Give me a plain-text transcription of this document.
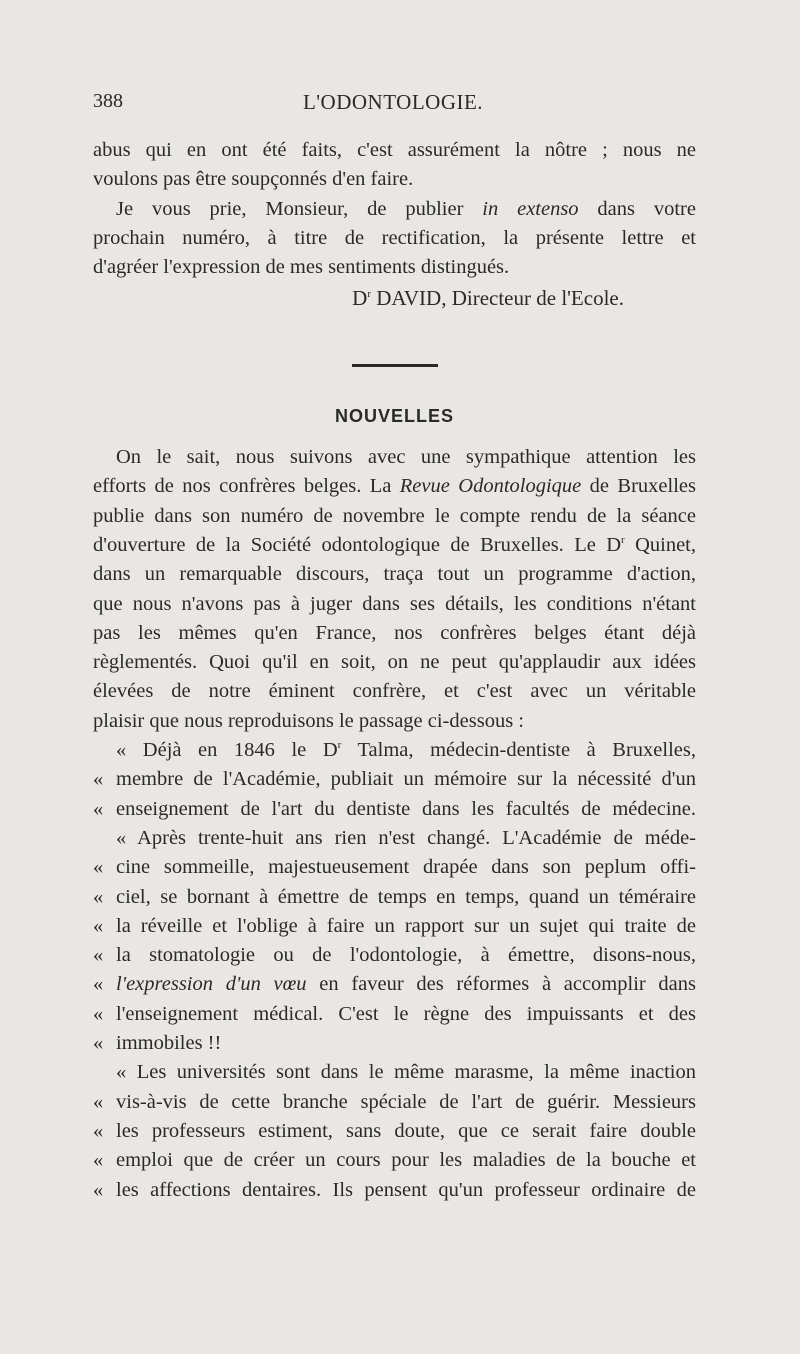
388	L'ODONTOLOGIE.
abus qui en ont été faits, c'est assurément la nôtre ; nous ne
voulons pas être soupçonnés d'en faire.
Je vous prie, Monsieur, de publier in extenso dans votre
prochain numéro, à titre de rectification, la présente lettre et
d'agréer l'expression de mes sentiments distingués.
$D^r$ DAVID, Directeur de l'Ecole.
NOUVELLES
On le sait, nous suivons avec une sympathique attention les
efforts de nos confrères belges. La Revue Odontologique de Bruxelles
publie dans son numéro de novembre le compte rendu de la séance
d'ouverture de la Société odontologique de Bruxelles. Le $D^r$ Quinet,
dans un remarquable discours, traça tout un programme d'action,
que nous n'avons pas à juger dans ses détails, les conditions n'étant
pas les mêmes qu'en France, nos confrères belges étant déjà
règlementés. Quoi qu'il en soit, on ne peut qu'applaudir aux idées
élevées de notre éminent confrère, et c'est avec un véritable
plaisir que nous reproduisons le passage ci-dessous :
« Déjà en 1846 le $D^r$ Talma, médecin-dentiste à Bruxelles,
« membre de l'Académie, publiait un mémoire sur la nécessité d'un
« enseignement de l'art du dentiste dans les facultés de médecine.
« Après trente-huit ans rien n'est changé. L'Académie de méde-
« cine sommeille, majestueusement drapée dans son peplum offi-
« ciel, se bornant à émettre de temps en temps, quand un téméraire
« la réveille et l'oblige à faire un rapport sur un sujet qui traite de
« la stomatologie ou de l'odontologie, à émettre, disons-nous,
« l'expression d'un vœu en faveur des réformes à accomplir dans
« l'enseignement médical. C'est le règne des impuissants et des
« immobiles !!
« Les universités sont dans le même marasme, la même inaction
« vis-à-vis de cette branche spéciale de l'art de guérir. Messieurs
« les professeurs estiment, sans doute, que ce serait faire double
« emploi que de créer un cours pour les maladies de la bouche et
« les affections dentaires. Ils pensent qu'un professeur ordinaire de
